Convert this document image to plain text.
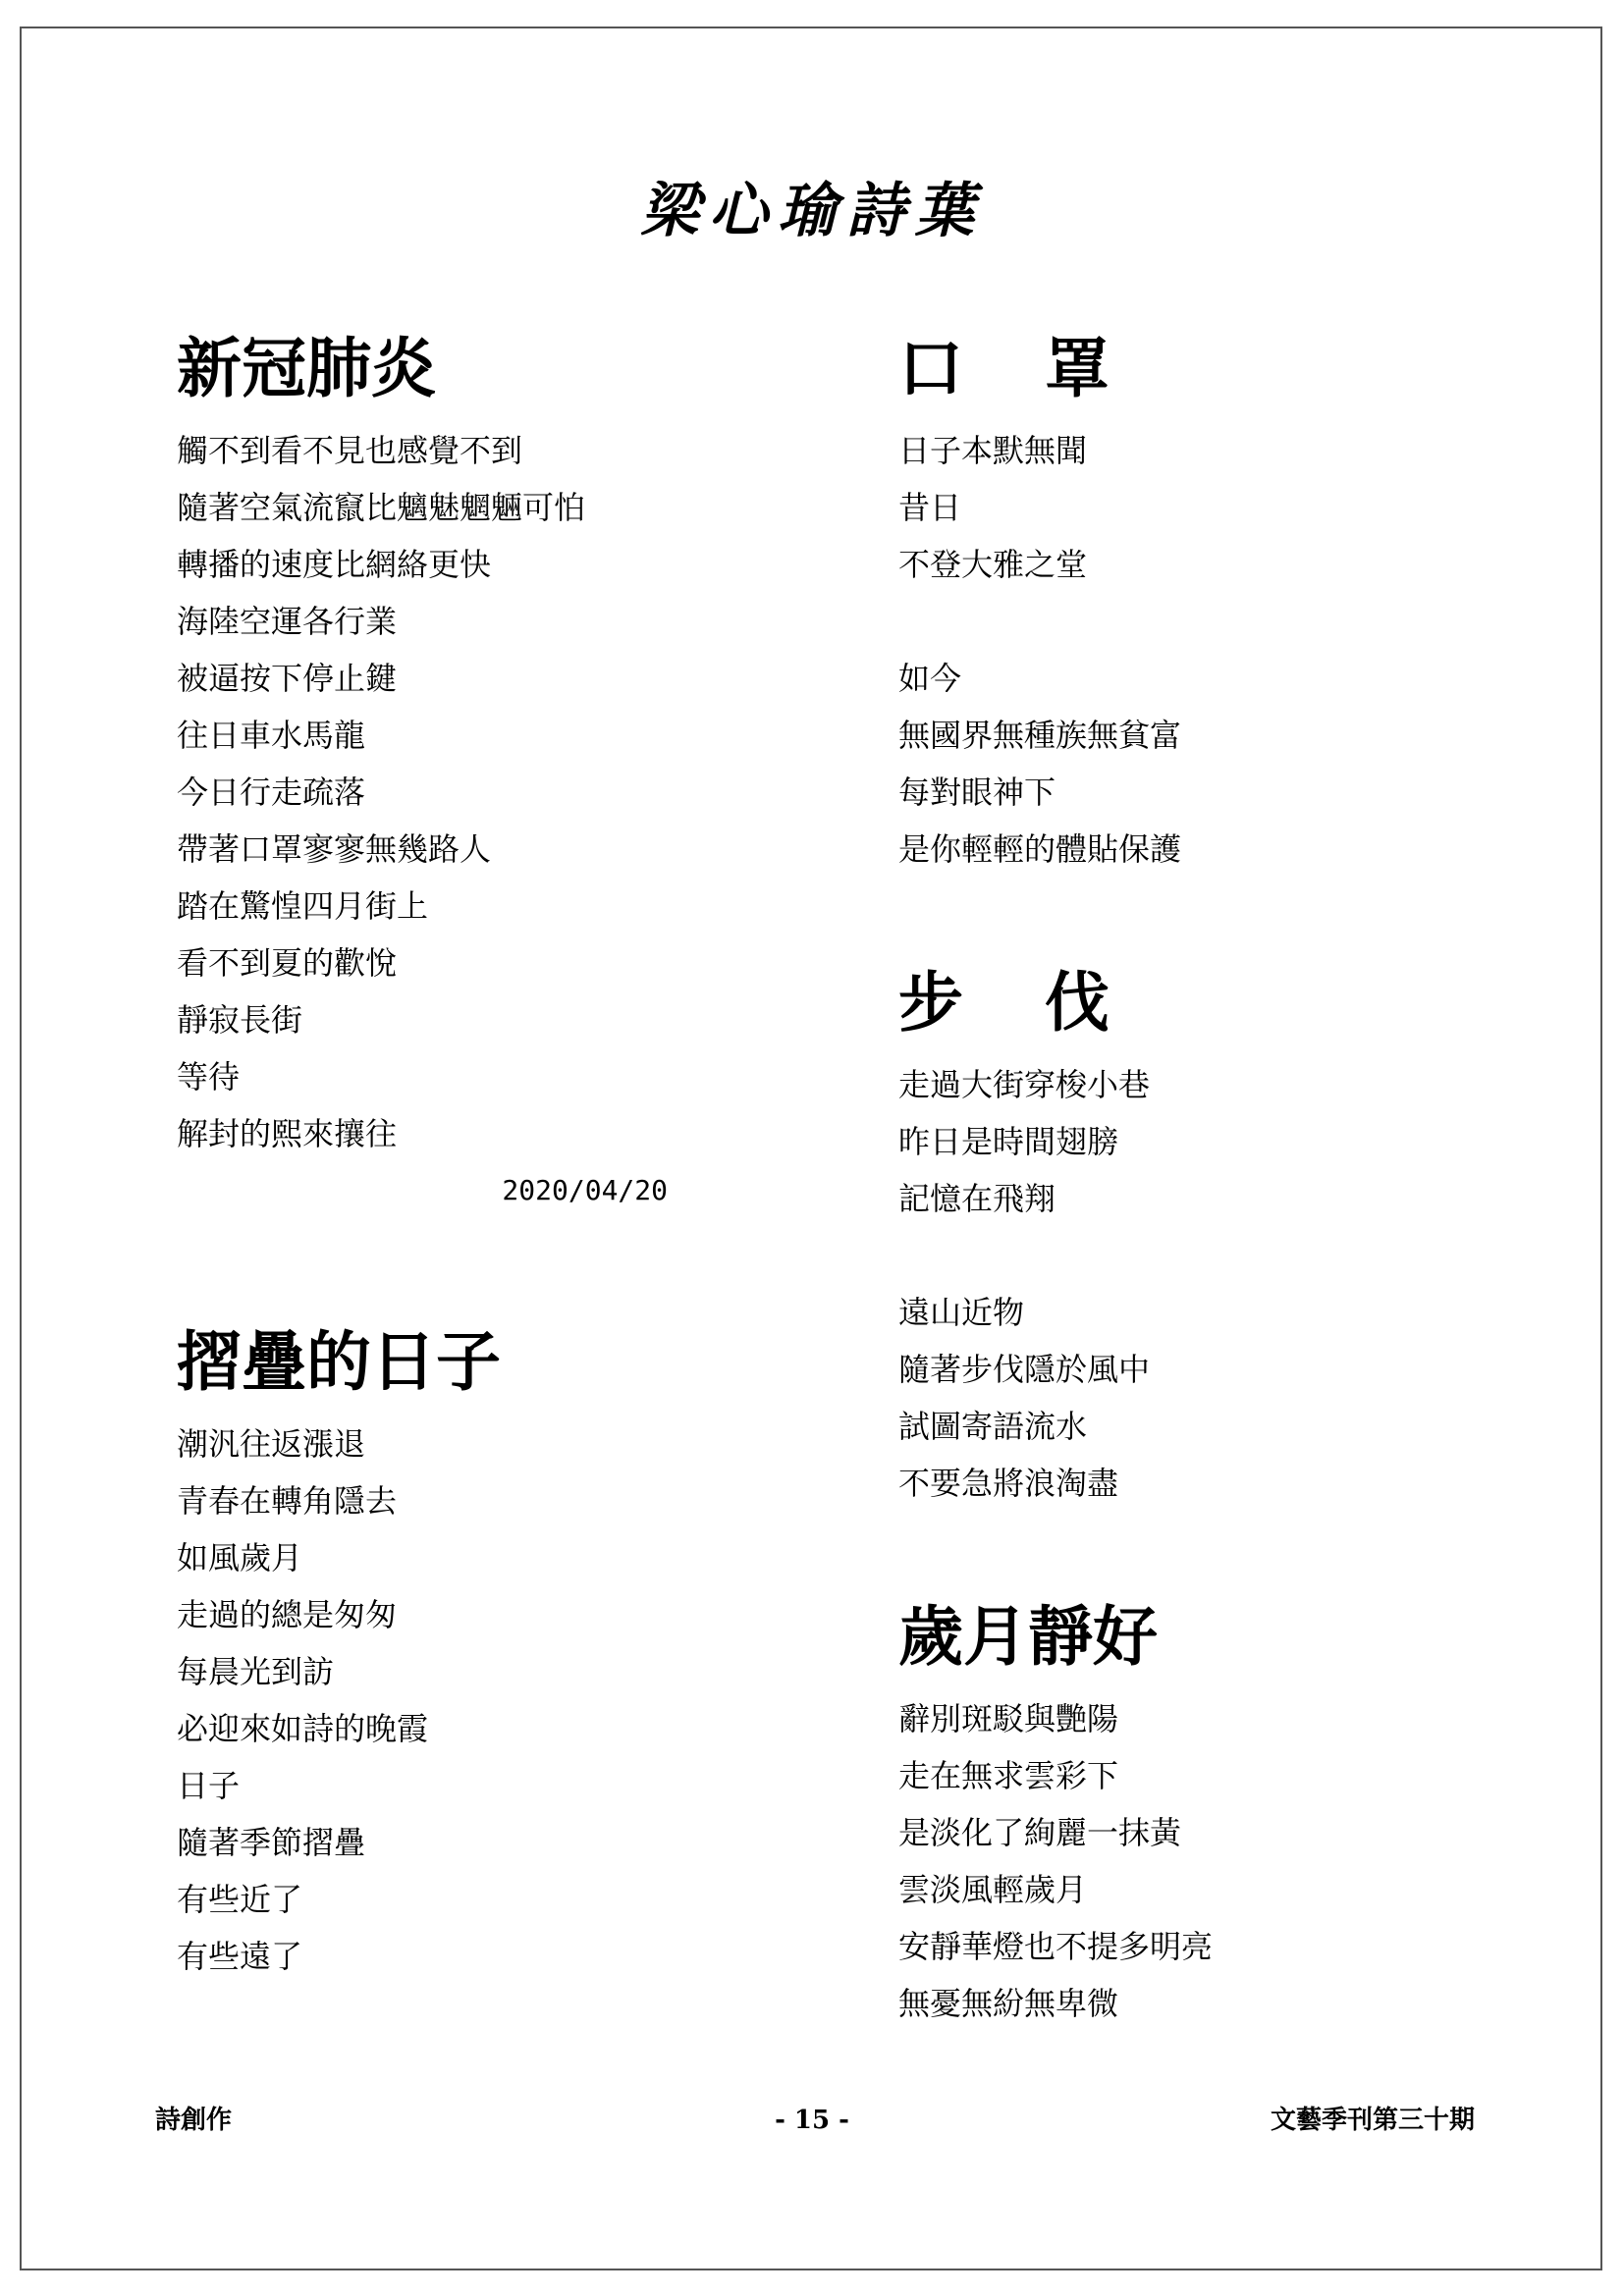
梁心瑜詩葉
新冠肺炎
觸不到看不見也感覺不到
隨著空氣流竄比魑魅魍魎可怕
轉播的速度比網絡更快
海陸空運各行業
被逼按下停止鍵
往日車水馬龍
今日行走疏落
帶著口罩寥寥無幾路人
踏在驚惶四月街上
看不到夏的歡悅
靜寂長街
等待
解封的熙來攘往
2020/04/20
摺疊的日子
潮汎往返漲退
青春在轉角隱去
如風歲月
走過的總是匆匆
每晨光到訪
必迎來如詩的晚霞
日子
隨著季節摺疊
有些近了
有些遠了
口 罩
日子本默無聞
昔日
不登大雅之堂
如今
無國界無種族無貧富
每對眼神下
是你輕輕的體貼保護
步 伐
走過大街穿梭小巷
昨日是時間翅膀
記憶在飛翔
遠山近物
隨著步伐隱於風中
試圖寄語流水
不要急將浪淘盡
歲月靜好
辭別斑駁與艷陽
走在無求雲彩下
是淡化了絢麗一抹黃
雲淡風輕歲月
安靜華燈也不提多明亮
無憂無紛無卑微
詩創作	- 15 -	文藝季刊第三十期
